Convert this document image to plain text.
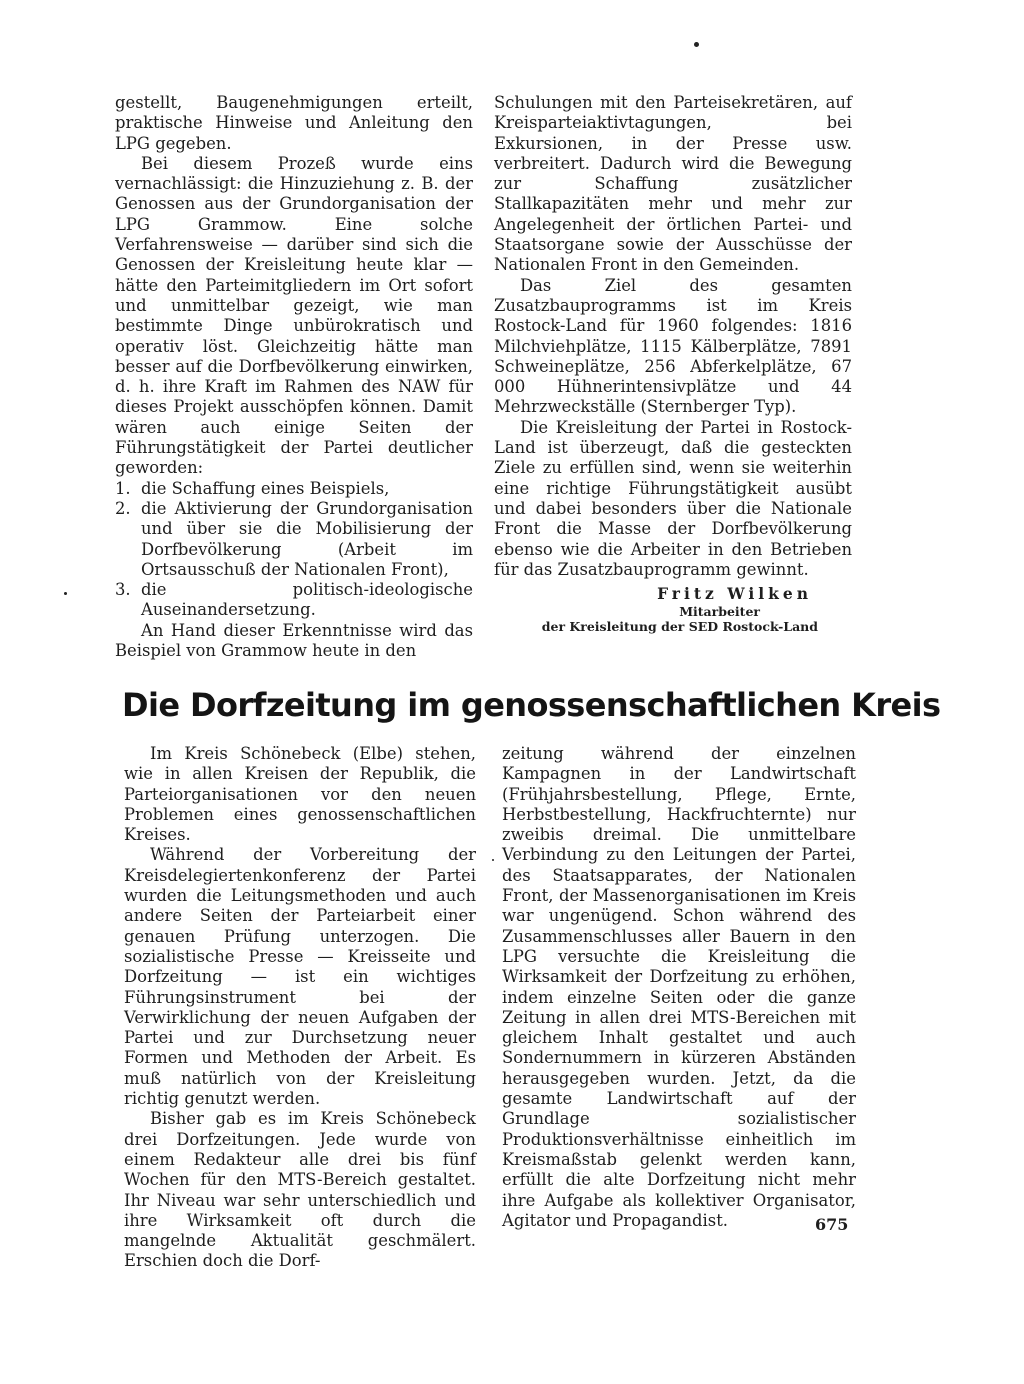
gestellt, Baugenehmigungen erteilt, praktische Hinweise und Anleitung den LPG gegeben.

Bei diesem Prozeß wurde eins vernachlässigt: die Hinzuziehung z. B. der Genossen aus der Grundorganisation der LPG Grammow. Eine solche Verfahrensweise — darüber sind sich die Genossen der Kreisleitung heute klar — hätte den Parteimitgliedern im Ort sofort und unmittelbar gezeigt, wie man bestimmte Dinge unbürokratisch und operativ löst. Gleichzeitig hätte man besser auf die Dorfbevölkerung einwirken, d. h. ihre Kraft im Rahmen des NAW für dieses Projekt ausschöpfen können. Damit wären auch einige Seiten der Führungstätigkeit der Partei deutlicher geworden:

1. die Schaffung eines Beispiels,
2. die Aktivierung der Grundorganisation und über sie die Mobilisierung der Dorfbevölkerung (Arbeit im Ortsausschuß der Nationalen Front),
3. die politisch-ideologische Auseinandersetzung.

An Hand dieser Erkenntnisse wird das Beispiel von Grammow heute in den

Schulungen mit den Parteisekretären, auf Kreisparteiaktivtagungen, bei Exkursionen, in der Presse usw. verbreitert. Dadurch wird die Bewegung zur Schaffung zusätzlicher Stallkapazitäten mehr und mehr zur Angelegenheit der örtlichen Partei- und Staatsorgane sowie der Ausschüsse der Nationalen Front in den Gemeinden.

Das Ziel des gesamten Zusatzbauprogramms ist im Kreis Rostock-Land für 1960 folgendes: 1816 Milchviehplätze, 1115 Kälberplätze, 7891 Schweineplätze, 256 Abferkelplätze, 67 000 Hühnerintensivplätze und 44 Mehrzweckställe (Sternberger Typ).

Die Kreisleitung der Partei in Rostock-Land ist überzeugt, daß die gesteckten Ziele zu erfüllen sind, wenn sie weiterhin eine richtige Führungstätigkeit ausübt und dabei besonders über die Nationale Front die Masse der Dorfbevölkerung ebenso wie die Arbeiter in den Betrieben für das Zusatzbauprogramm gewinnt.

Fritz Wilken
Mitarbeiter
der Kreisleitung der SED Rostock-Land
Die Dorfzeitung im genossenschaftlichen Kreis

Im Kreis Schönebeck (Elbe) stehen, wie in allen Kreisen der Republik, die Parteiorganisationen vor den neuen Problemen eines genossenschaftlichen Kreises.

Während der Vorbereitung der Kreisdelegiertenkonferenz der Partei wurden die Leitungsmethoden und auch andere Seiten der Parteiarbeit einer genauen Prüfung unterzogen. Die sozialistische Presse — Kreisseite und Dorfzeitung — ist ein wichtiges Führungsinstrument bei der Verwirklichung der neuen Aufgaben der Partei und zur Durchsetzung neuer Formen und Methoden der Arbeit. Es muß natürlich von der Kreisleitung richtig genutzt werden.

Bisher gab es im Kreis Schönebeck drei Dorfzeitungen. Jede wurde von einem Redakteur alle drei bis fünf Wochen für den MTS-Bereich gestaltet. Ihr Niveau war sehr unterschiedlich und ihre Wirksamkeit oft durch die mangelnde Aktualität geschmälert. Erschien doch die Dorf-

zeitung während der einzelnen Kampagnen in der Landwirtschaft (Frühjahrsbestellung, Pflege, Ernte, Herbstbestellung, Hackfruchternte) nur zweibis dreimal. Die unmittelbare Verbindung zu den Leitungen der Partei, des Staatsapparates, der Nationalen Front, der Massenorganisationen im Kreis war ungenügend. Schon während des Zusammenschlusses aller Bauern in den LPG versuchte die Kreisleitung die Wirksamkeit der Dorfzeitung zu erhöhen, indem einzelne Seiten oder die ganze Zeitung in allen drei MTS-Bereichen mit gleichem Inhalt gestaltet und auch Sondernummern in kürzeren Abständen herausgegeben wurden. Jetzt, da die gesamte Landwirtschaft auf der Grundlage sozialistischer Produktionsverhältnisse einheitlich im Kreismaßstab gelenkt werden kann, erfüllt die alte Dorfzeitung nicht mehr ihre Aufgabe als kollektiver Organisator, Agitator und Propagandist.	675
